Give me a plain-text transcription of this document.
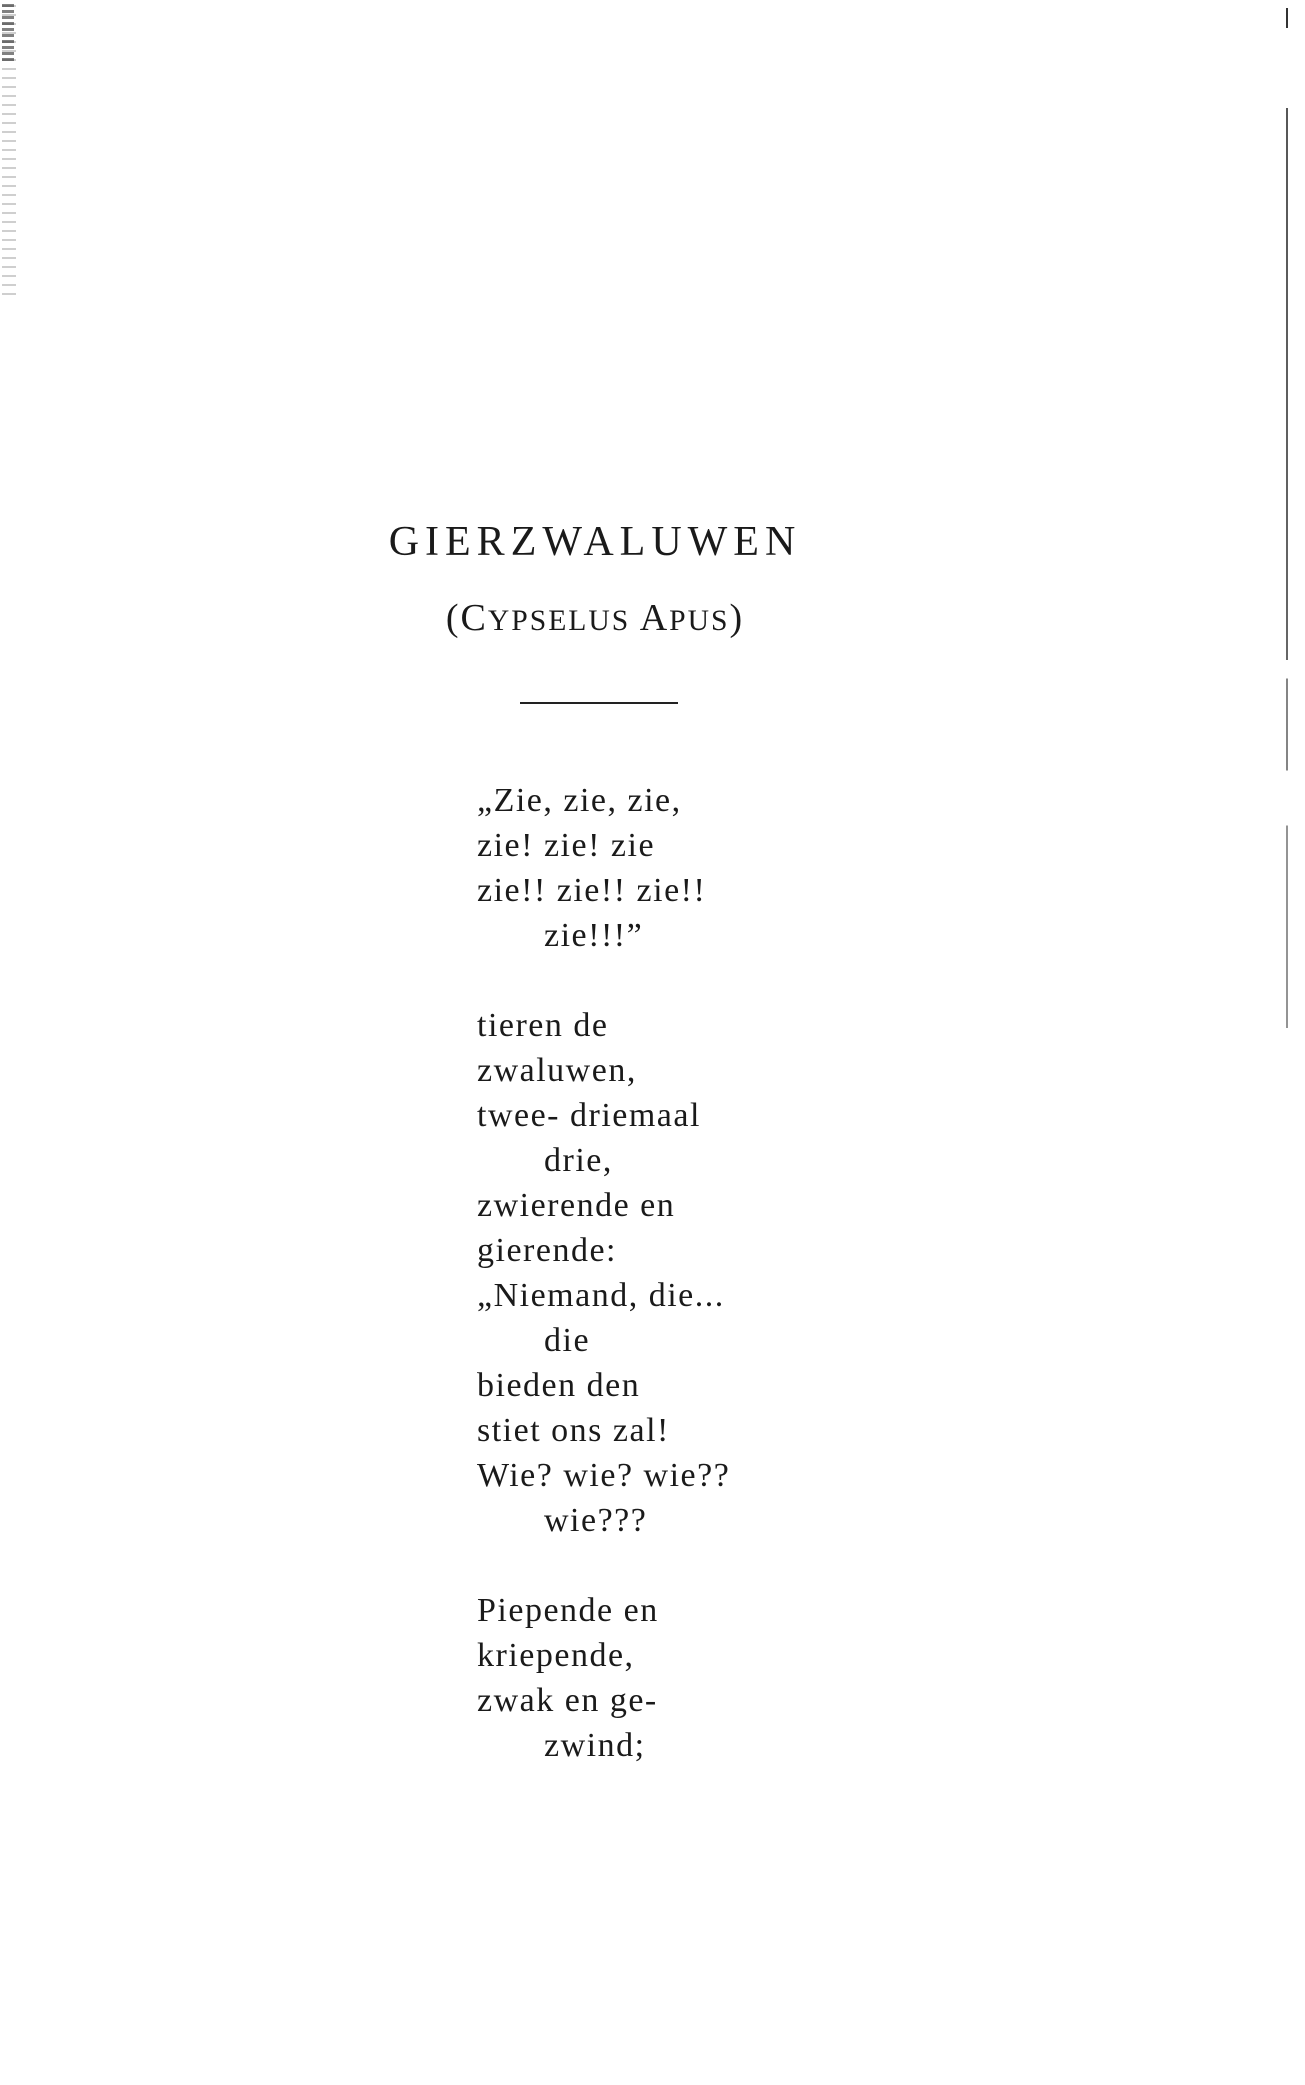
GIERZWALUWEN
(CYPSELUS APUS)
„Zie, zie, zie,
zie! zie! zie
zie!! zie!! zie!!
zie!!!”
tieren de
zwaluwen,
twee- driemaal
drie,
zwierende en
gierende:
„Niemand, die...
die
bieden den
stiet ons zal!
Wie? wie? wie??
wie???
Piepende en
kriepende,
zwak en ge-
zwind;
